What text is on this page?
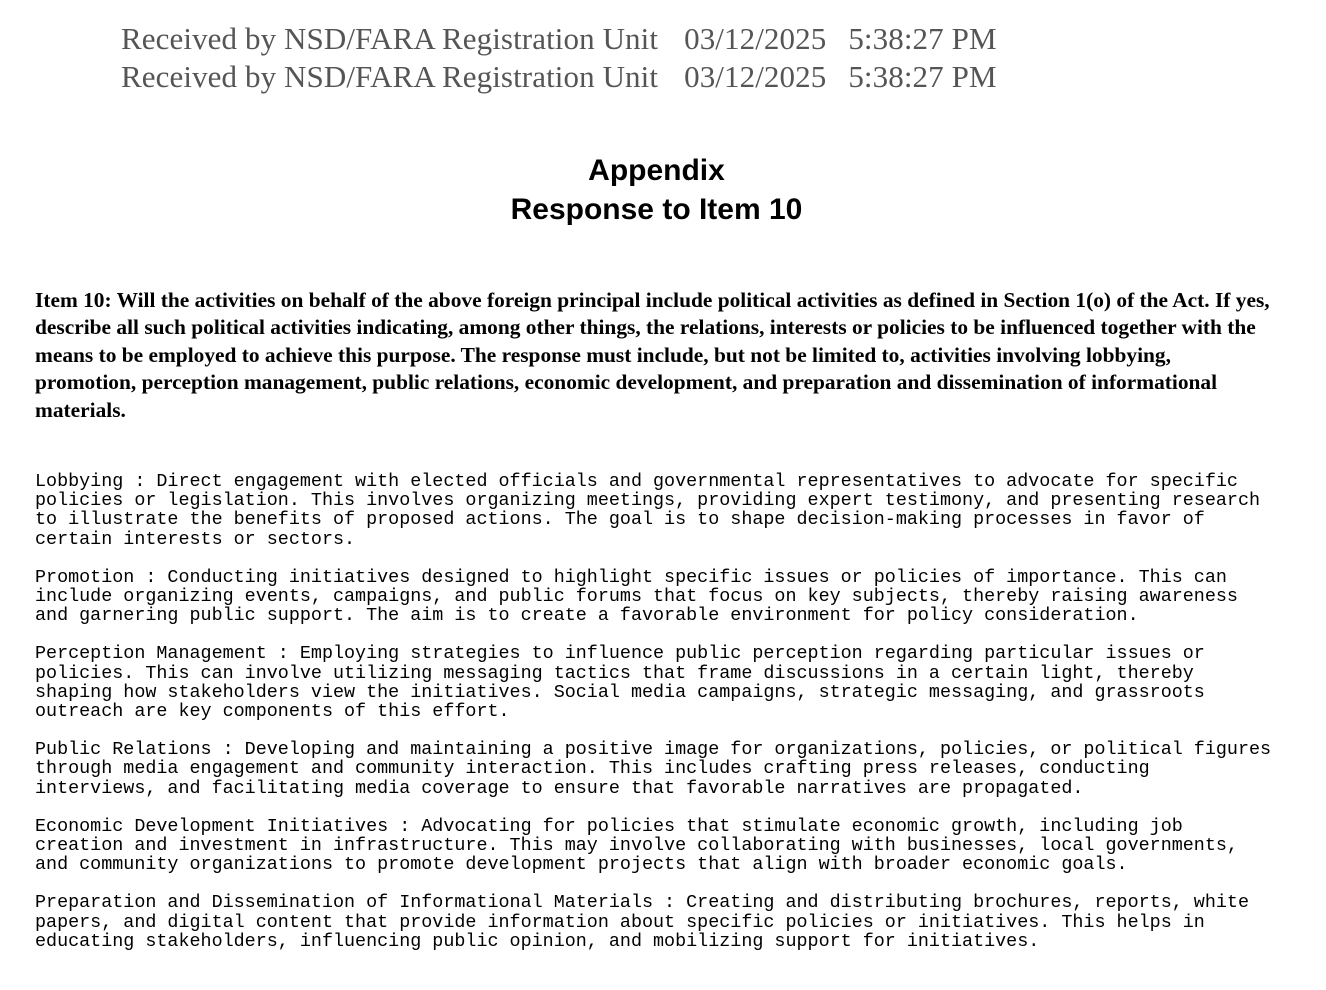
Received by NSD/FARA Registration Unit 03/12/2025 5:38:27 PM
Received by NSD/FARA Registration Unit 03/12/2025 5:38:27 PM
Appendix
Response to Item 10
Item 10: Will the activities on behalf of the above foreign principal include political activities as defined in Section 1(o) of the Act. If yes, describe all such political activities indicating, among other things, the relations, interests or policies to be influenced together with the means to be employed to achieve this purpose. The response must include, but not be limited to, activities involving lobbying, promotion, perception management, public relations, economic development, and preparation and dissemination of informational materials.
Lobbying : Direct engagement with elected officials and governmental representatives to advocate for specific
policies or legislation. This involves organizing meetings, providing expert testimony, and presenting research
to illustrate the benefits of proposed actions. The goal is to shape decision-making processes in favor of
certain interests or sectors.
Promotion : Conducting initiatives designed to highlight specific issues or policies of importance. This can
include organizing events, campaigns, and public forums that focus on key subjects, thereby raising awareness
and garnering public support. The aim is to create a favorable environment for policy consideration.
Perception Management : Employing strategies to influence public perception regarding particular issues or
policies. This can involve utilizing messaging tactics that frame discussions in a certain light, thereby
shaping how stakeholders view the initiatives. Social media campaigns, strategic messaging, and grassroots
outreach are key components of this effort.
Public Relations : Developing and maintaining a positive image for organizations, policies, or political figures
through media engagement and community interaction. This includes crafting press releases, conducting
interviews, and facilitating media coverage to ensure that favorable narratives are propagated.
Economic Development Initiatives : Advocating for policies that stimulate economic growth, including job
creation and investment in infrastructure. This may involve collaborating with businesses, local governments,
and community organizations to promote development projects that align with broader economic goals.
Preparation and Dissemination of Informational Materials : Creating and distributing brochures, reports, white
papers, and digital content that provide information about specific policies or initiatives. This helps in
educating stakeholders, influencing public opinion, and mobilizing support for initiatives.
